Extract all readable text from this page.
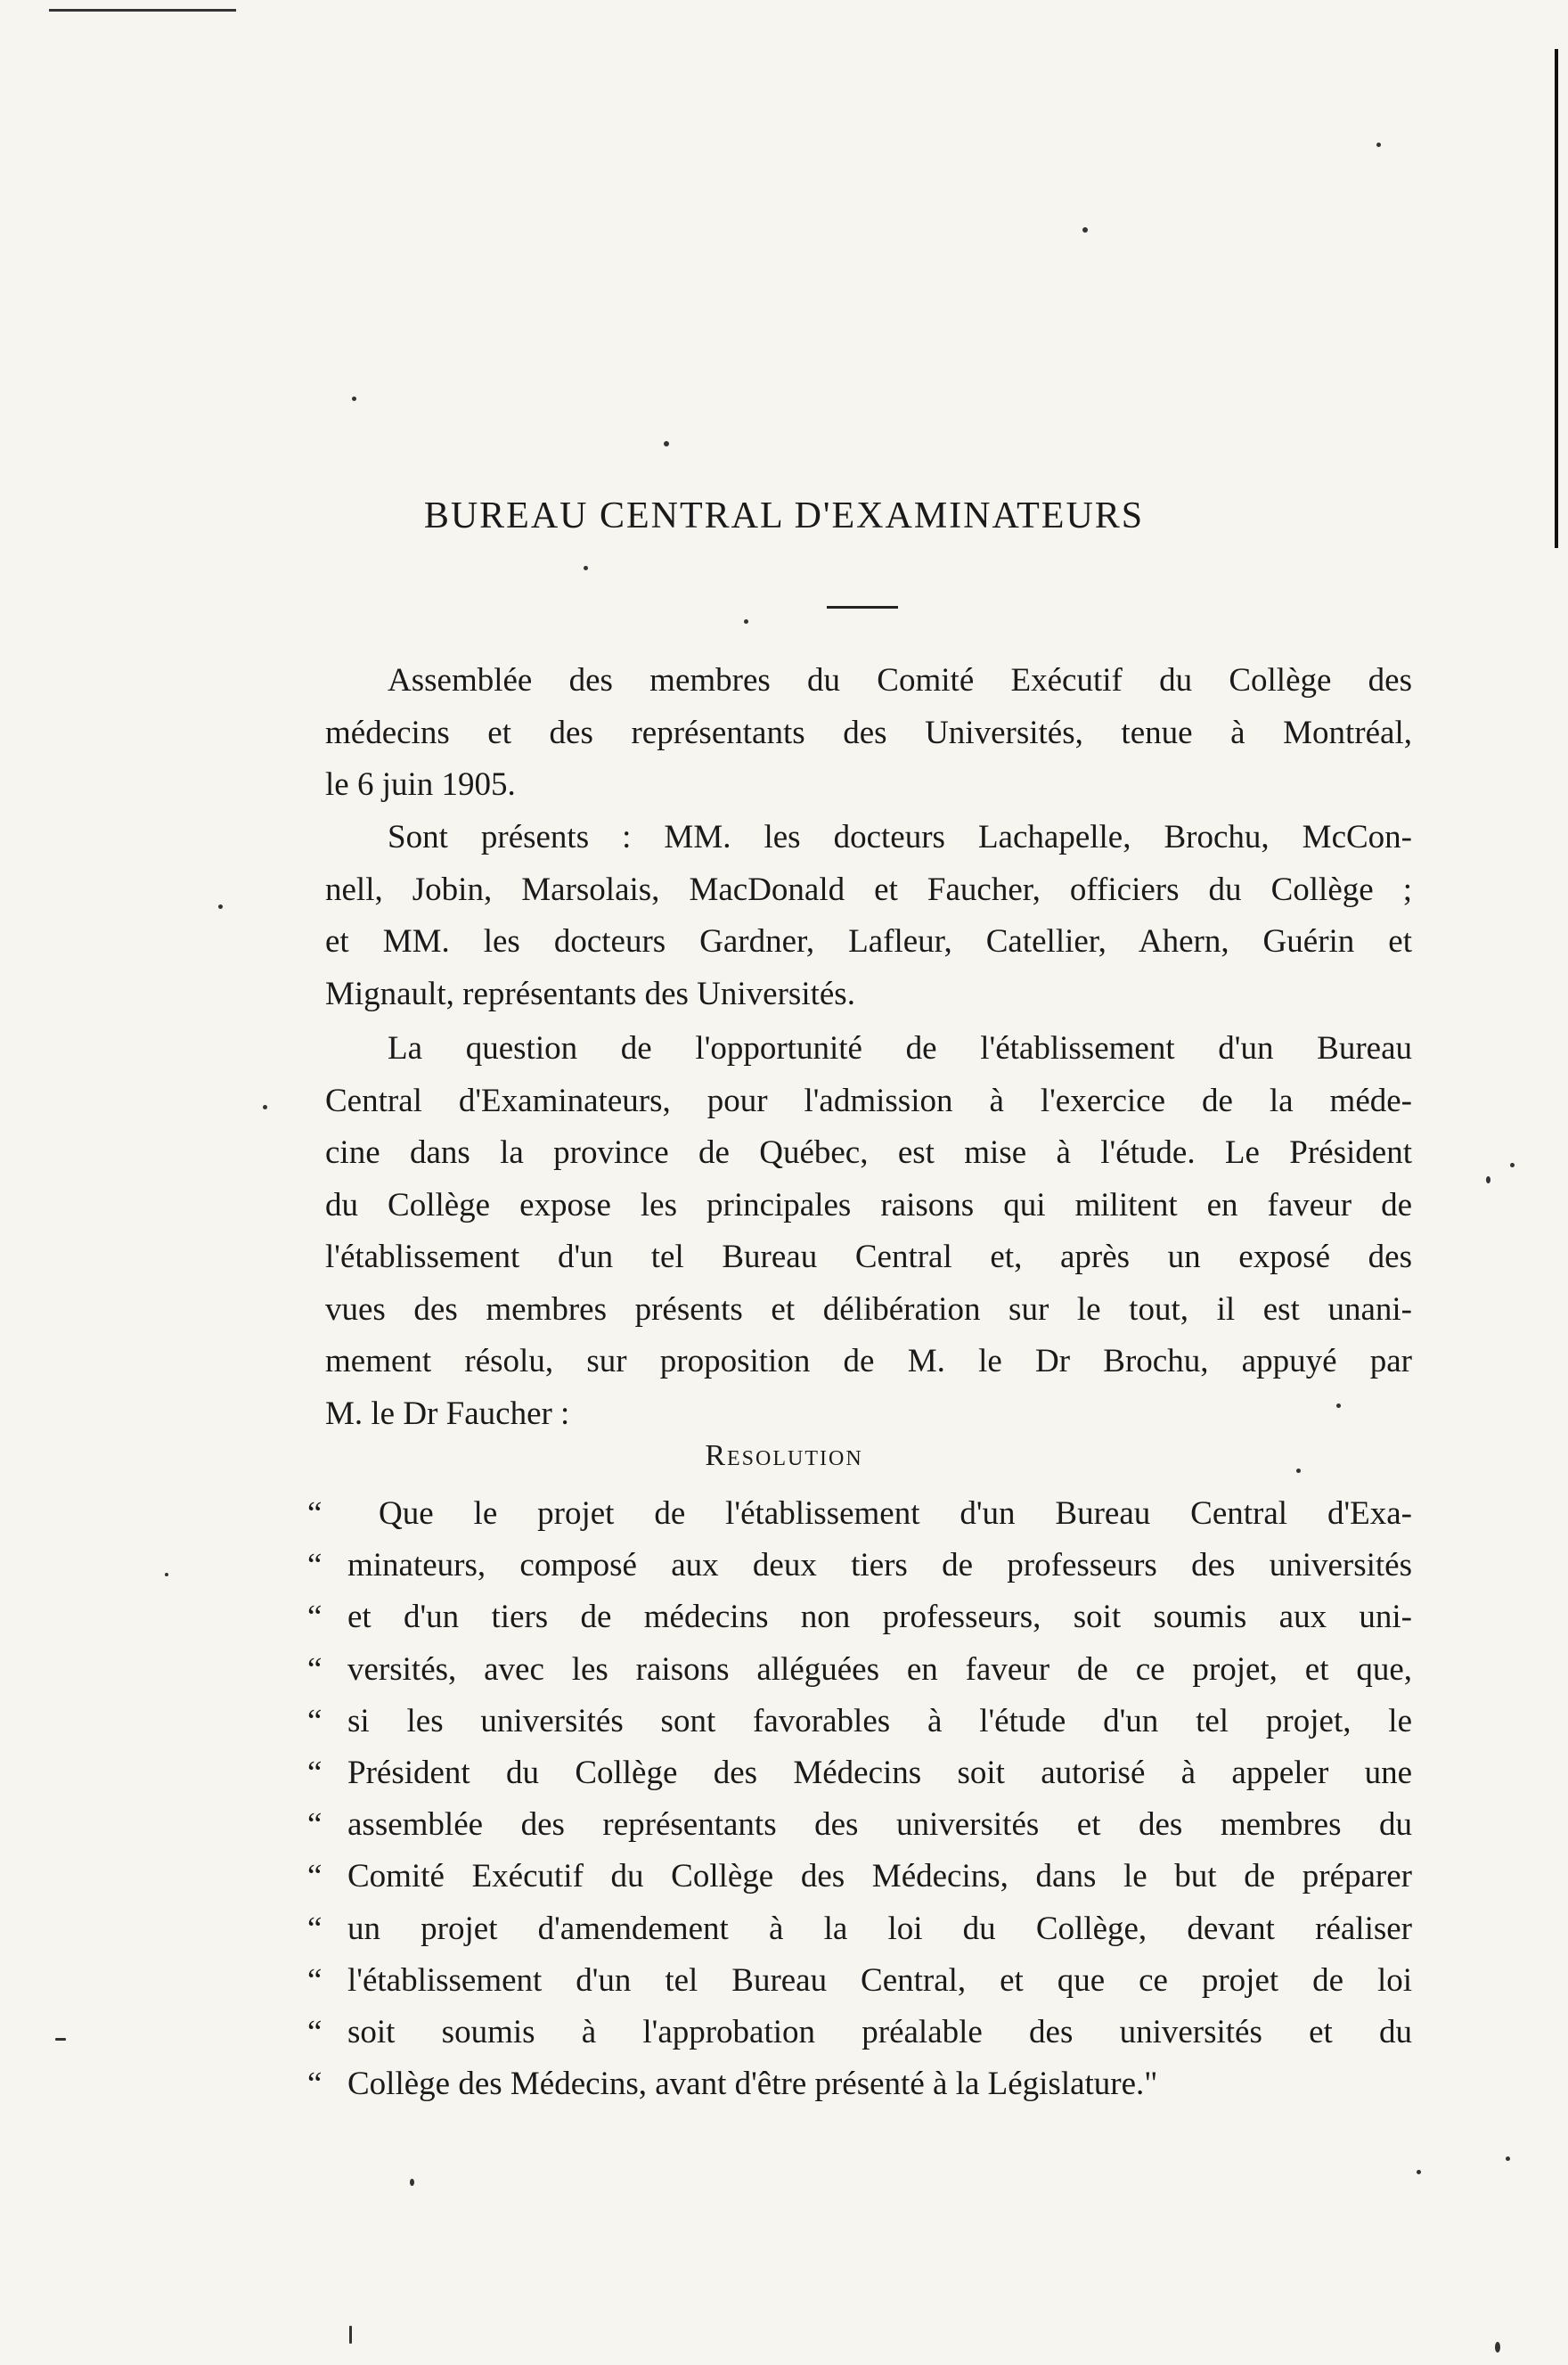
BUREAU CENTRAL D'EXAMINATEURS
Assemblée des membres du Comité Exécutif du Collège des
médecins et des représentants des Universités, tenue à Montréal,
le 6 juin 1905.
Sont présents : MM. les docteurs Lachapelle, Brochu, McCon-
nell, Jobin, Marsolais, MacDonald et Faucher, officiers du Collège ;
et MM. les docteurs Gardner, Lafleur, Catellier, Ahern, Guérin et
Mignault, représentants des Universités.
La question de l'opportunité de l'établissement d'un Bureau
Central d'Examinateurs, pour l'admission à l'exercice de la méde-
cine dans la province de Québec, est mise à l'étude. Le Président
du Collège expose les principales raisons qui militent en faveur de
l'établissement d'un tel Bureau Central et, après un exposé des
vues des membres présents et délibération sur le tout, il est unani-
mement résolu, sur proposition de M. le Dr Brochu, appuyé par
M. le Dr Faucher :
Resolution
“	Que le projet de l'établissement d'un Bureau Central d'Exa-
“ minateurs, composé aux deux tiers de professeurs des universités
“ et d'un tiers de médecins non professeurs, soit soumis aux uni-
“ versités, avec les raisons alléguées en faveur de ce projet, et que,
“ si les universités sont favorables à l'étude d'un tel projet, le
“ Président du Collège des Médecins soit autorisé à appeler une
“ assemblée des représentants des universités et des membres du
“ Comité Exécutif du Collège des Médecins, dans le but de préparer
“ un projet d'amendement à la loi du Collège, devant réaliser
“ l'établissement d'un tel Bureau Central, et que ce projet de loi
“ soit soumis à l'approbation préalable des universités et du
“ Collège des Médecins, avant d'être présenté à la Législature."
